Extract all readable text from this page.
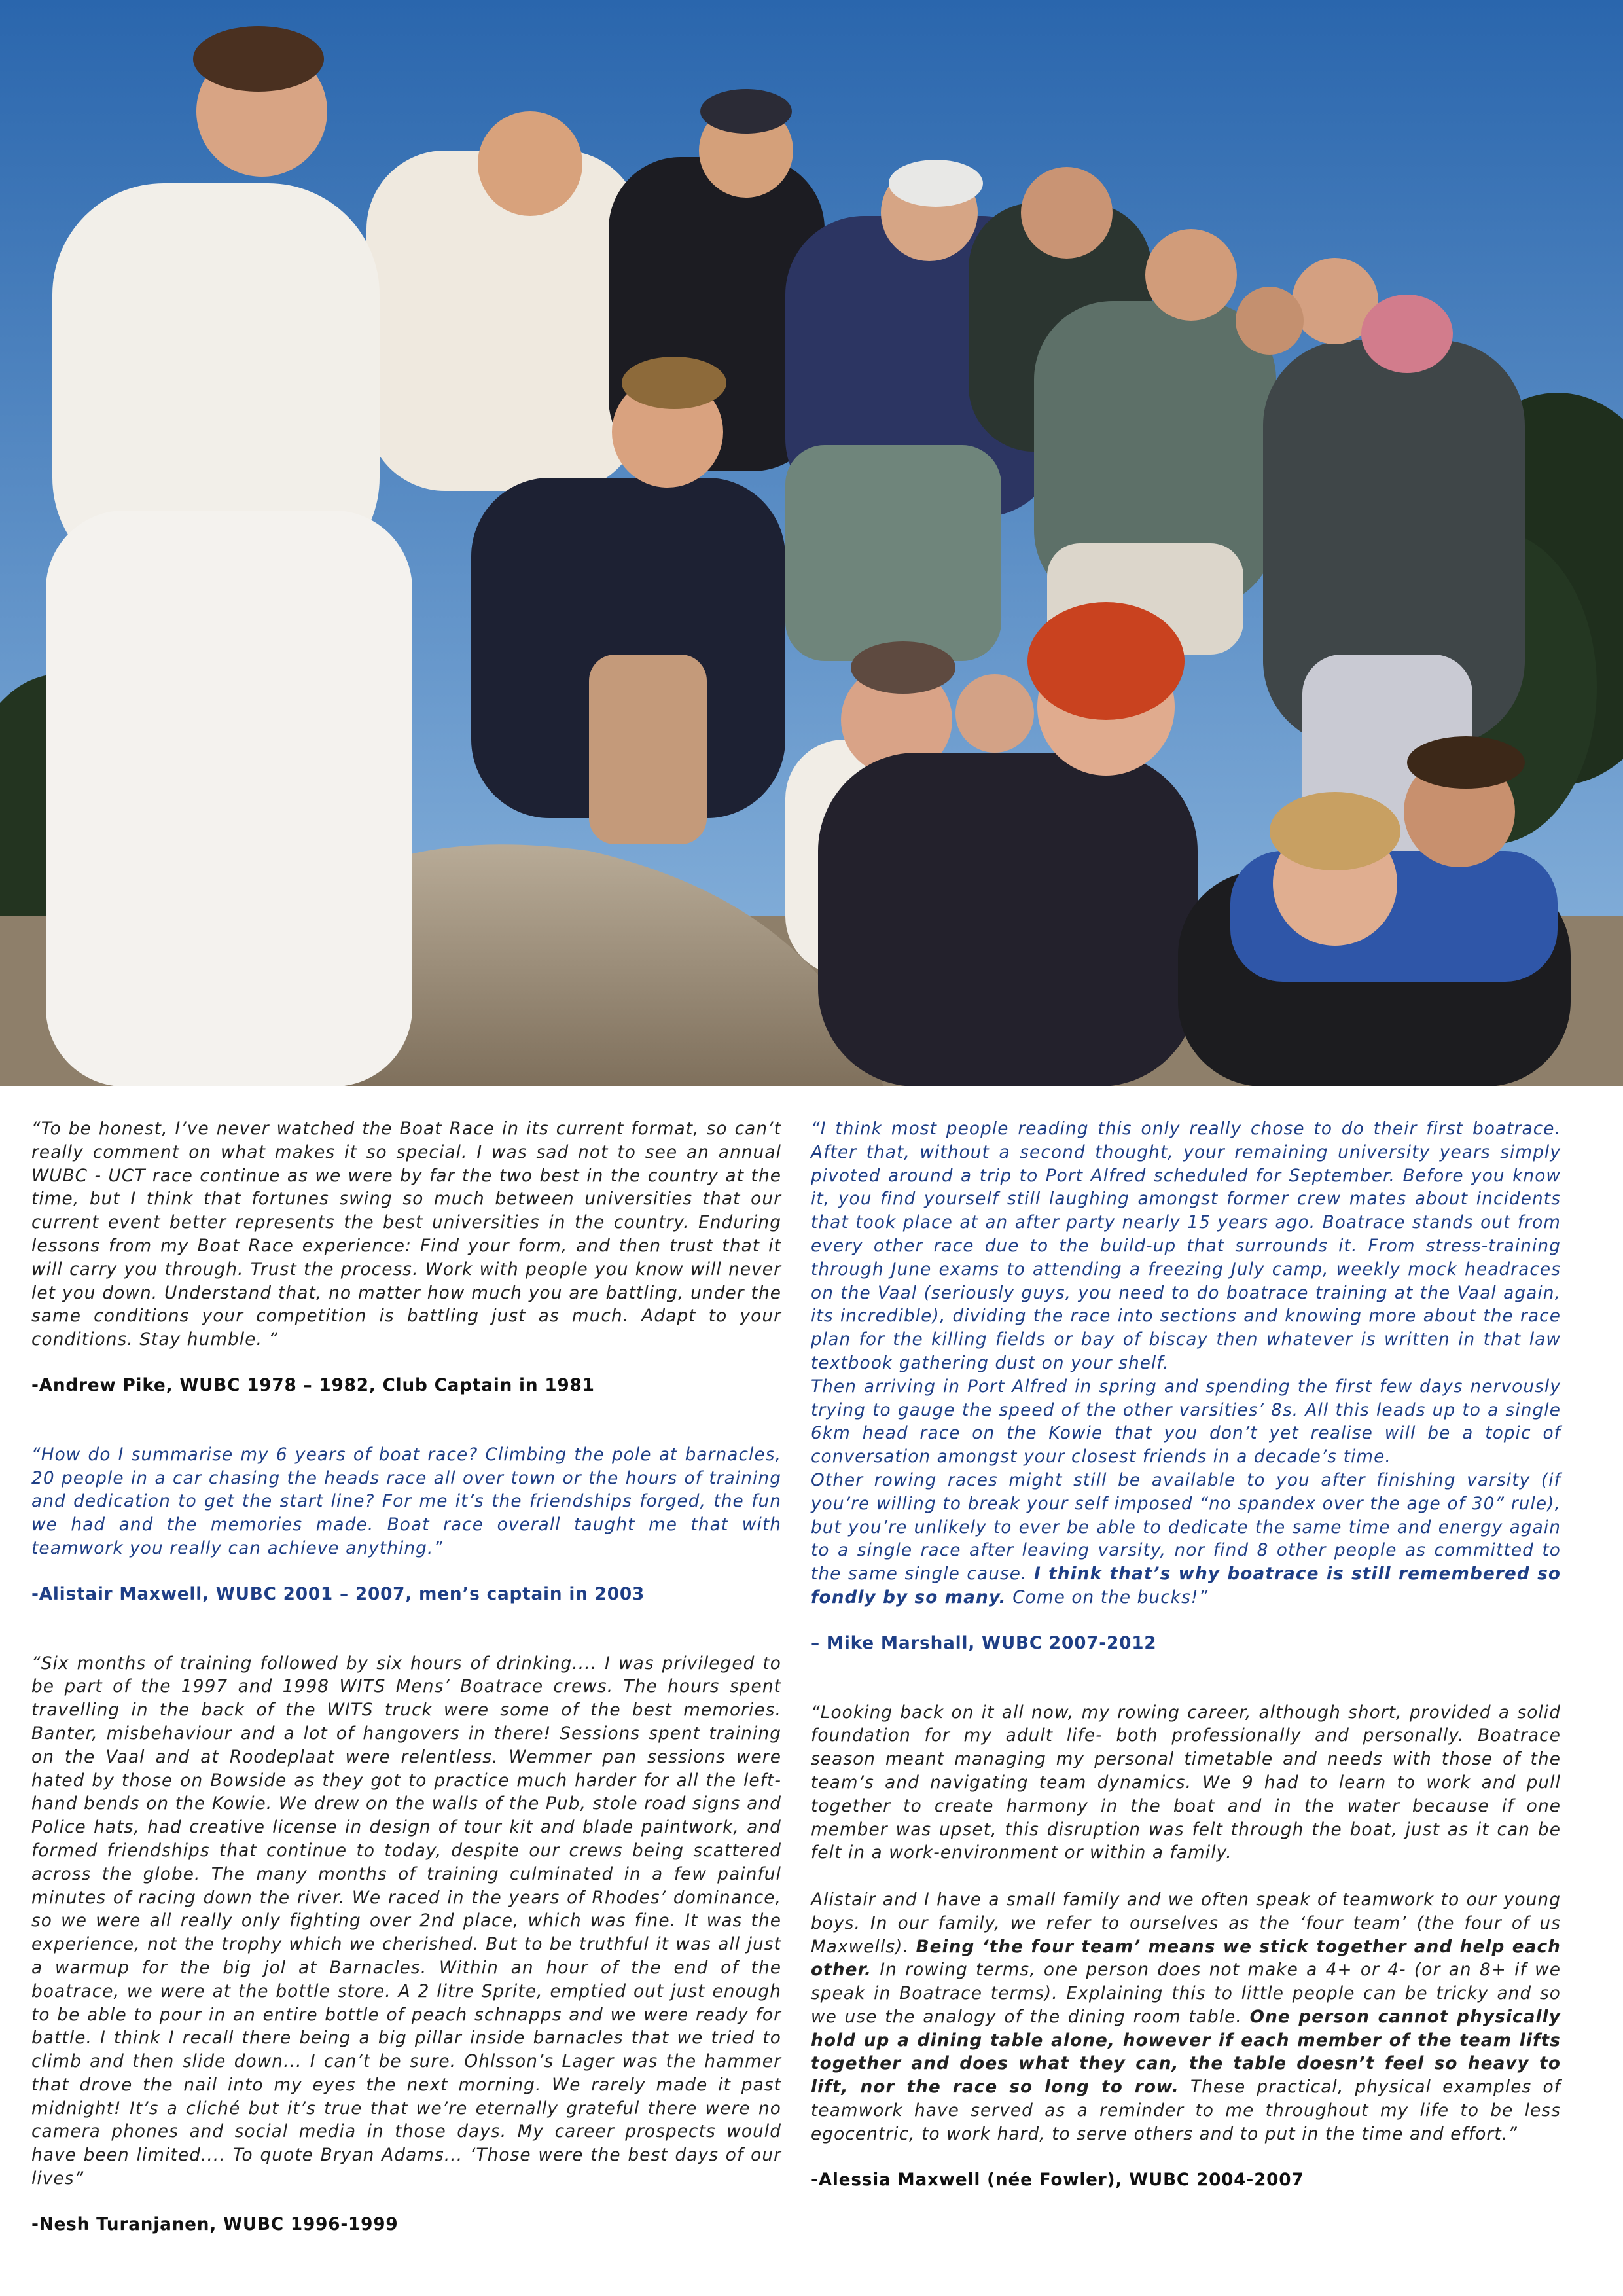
“To be honest, I’ve never watched the Boat Race in its current format, so can’t really comment on what makes it so special. I was sad not to see an annual WUBC - UCT race continue as we were by far the two best in the country at the time, but I think that fortunes swing so much between universities that our current event better represents the best universities in the country. Enduring lessons from my Boat Race experience: Find your form, and then trust that it will carry you through. Trust the process. Work with people you know will never let you down. Understand that, no matter how much you are battling, under the same conditions your competition is battling just as much. Adapt to your conditions. Stay humble. “

-Andrew Pike, WUBC 1978 – 1982, Club Captain in 1981

“How do I summarise my 6 years of boat race? Climbing the pole at barnacles, 20 people in a car chasing the heads race all over town or the hours of training and dedication to get the start line? For me it’s the friendships forged, the fun we had and the memories made. Boat race overall taught me that with teamwork you really can achieve anything.”

-Alistair Maxwell, WUBC 2001 – 2007, men’s captain in 2003

“Six months of training followed by six hours of drinking.... I was privileged to be part of the 1997 and 1998 WITS Mens’ Boatrace crews. The hours spent travelling in the back of the WITS truck were some of the best memories. Banter, misbehaviour and a lot of hangovers in there! Sessions spent training on the Vaal and at Roodeplaat were relentless. Wemmer pan sessions were hated by those on Bowside as they got to practice much harder for all the left-hand bends on the Kowie. We drew on the walls of the Pub, stole road signs and Police hats, had creative license in design of tour kit and blade paintwork, and formed friendships that continue to today, despite our crews being scattered across the globe. The many months of training culminated in a few painful minutes of racing down the river. We raced in the years of Rhodes’ dominance, so we were all really only fighting over 2nd place, which was fine. It was the experience, not the trophy which we cherished. But to be truthful it was all just a warmup for the big jol at Barnacles. Within an hour of the end of the boatrace, we were at the bottle store. A 2 litre Sprite, emptied out just enough to be able to pour in an entire bottle of peach schnapps and we were ready for battle. I think I recall there being a big pillar inside barnacles that we tried to climb and then slide down... I can’t be sure. Ohlsson’s Lager was the hammer that drove the nail into my eyes the next morning. We rarely made it past midnight! It’s a cliché but it’s true that we’re eternally grateful there were no camera phones and social media in those days. My career prospects would have been limited.... To quote Bryan Adams... ‘Those were the best days of our lives”

-Nesh Turanjanen, WUBC 1996-1999

“I think most people reading this only really chose to do their first boatrace. After that, without a second thought, your remaining university years simply pivoted around a trip to Port Alfred scheduled for September. Before you know it, you find yourself still laughing amongst former crew mates about incidents that took place at an after party nearly 15 years ago. Boatrace stands out from every other race due to the build-up that surrounds it. From stress-training through June exams to attending a freezing July camp, weekly mock headraces on the Vaal (seriously guys, you need to do boatrace training at the Vaal again, its incredible), dividing the race into sections and knowing more about the race plan for the killing fields or bay of biscay then whatever is written in that law textbook gathering dust on your shelf.

Then arriving in Port Alfred in spring and spending the first few days nervously trying to gauge the speed of the other varsities’ 8s. All this leads up to a single 6km head race on the Kowie that you don’t yet realise will be a topic of conversation amongst your closest friends in a decade’s time.

Other rowing races might still be available to you after finishing varsity (if you’re willing to break your self imposed “no spandex over the age of 30” rule), but you’re unlikely to ever be able to dedicate the same time and energy again to a single race after leaving varsity, nor find 8 other people as committed to the same single cause. I think that’s why boatrace is still remembered so fondly by so many. Come on the bucks!”

– Mike Marshall, WUBC 2007-2012

“Looking back on it all now, my rowing career, although short, provided a solid foundation for my adult life- both professionally and personally. Boatrace season meant managing my personal timetable and needs with those of the team’s and navigating team dynamics. We 9 had to learn to work and pull together to create harmony in the boat and in the water because if one member was upset, this disruption was felt through the boat, just as it can be felt in a work-environment or within a family.

Alistair and I have a small family and we often speak of teamwork to our young boys. In our family, we refer to ourselves as the ‘four team’ (the four of us Maxwells). Being ‘the four team’ means we stick together and help each other. In rowing terms, one person does not make a 4+ or 4- (or an 8+ if we speak in Boatrace terms). Explaining this to little people can be tricky and so we use the analogy of the dining room table. One person cannot physically hold up a dining table alone, however if each member of the team lifts together and does what they can, the table doesn’t feel so heavy to lift, nor the race so long to row. These practical, physical examples of teamwork have served as a reminder to me throughout my life to be less egocentric, to work hard, to serve others and to put in the time and effort.”

-Alessia Maxwell (née Fowler), WUBC 2004-2007
